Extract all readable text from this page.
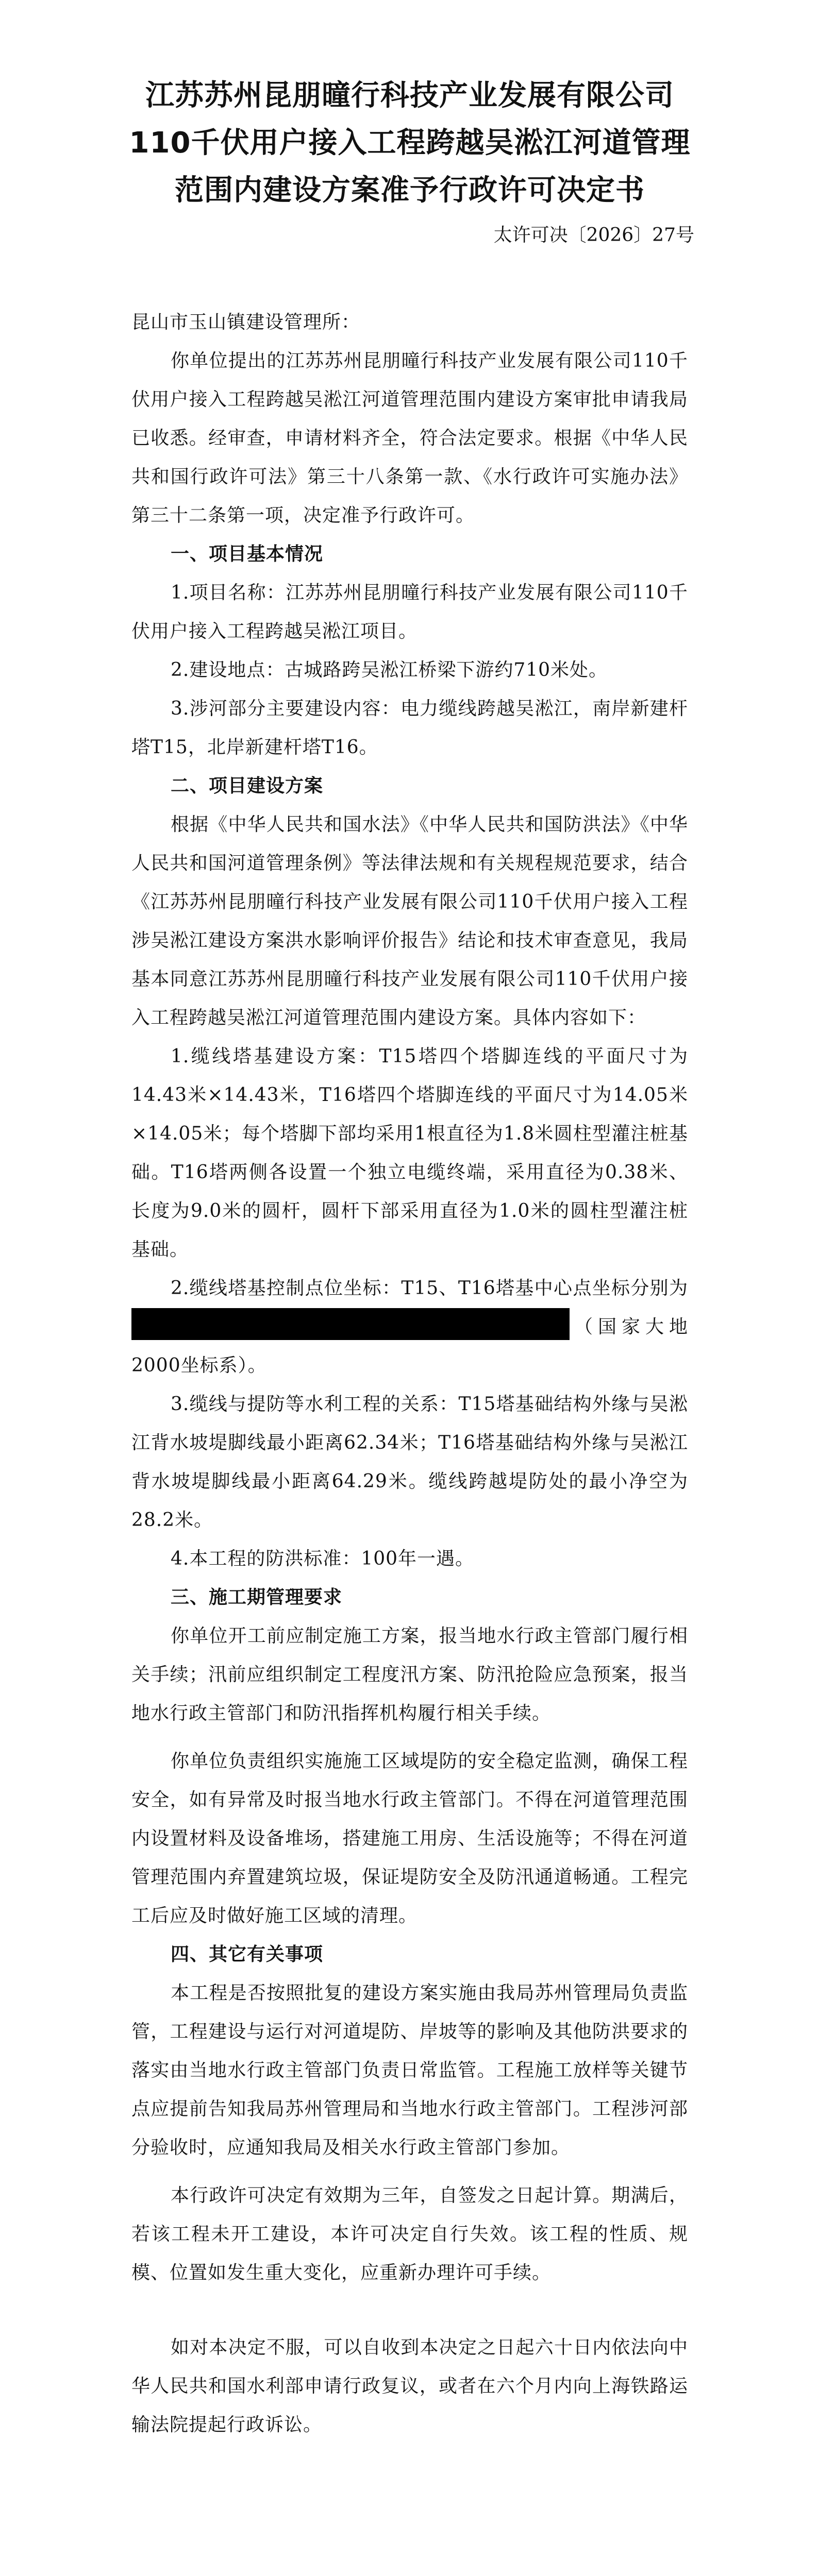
江苏苏州昆朋曈行科技产业发展有限公司
110千伏用户接入工程跨越吴淞江河道管理
范围内建设方案准予行政许可决定书
太许可决〔2026〕27号

昆山市玉山镇建设管理所：

你单位提出的江苏苏州昆朋曈行科技产业发展有限公司110千伏用户接入工程跨越吴淞江河道管理范围内建设方案审批申请我局已收悉。经审查，申请材料齐全，符合法定要求。根据《中华人民共和国行政许可法》第三十八条第一款、《水行政许可实施办法》第三十二条第一项，决定准予行政许可。

一、项目基本情况

1.项目名称：江苏苏州昆朋曈行科技产业发展有限公司110千伏用户接入工程跨越吴淞江项目。

2.建设地点：古城路跨吴淞江桥梁下游约710米处。

3.涉河部分主要建设内容：电力缆线跨越吴淞江，南岸新建杆塔T15，北岸新建杆塔T16。

二、项目建设方案

根据《中华人民共和国水法》《中华人民共和国防洪法》《中华人民共和国河道管理条例》等法律法规和有关规程规范要求，结合《江苏苏州昆朋曈行科技产业发展有限公司110千伏用户接入工程涉吴淞江建设方案洪水影响评价报告》结论和技术审查意见，我局基本同意江苏苏州昆朋曈行科技产业发展有限公司110千伏用户接入工程跨越吴淞江河道管理范围内建设方案。具体内容如下：

1.缆线塔基建设方案：T15塔四个塔脚连线的平面尺寸为14.43米×14.43米，T16塔四个塔脚连线的平面尺寸为14.05米×14.05米；每个塔脚下部均采用1根直径为1.8米圆柱型灌注桩基础。T16塔两侧各设置一个独立电缆终端，采用直径为0.38米、长度为9.0米的圆杆，圆杆下部采用直径为1.0米的圆柱型灌注桩基础。

2.缆线塔基控制点位坐标：T15、T16塔基中心点坐标分别为（国家大地2000坐标系）。

3.缆线与提防等水利工程的关系：T15塔基础结构外缘与吴淞江背水坡堤脚线最小距离62.34米；T16塔基础结构外缘与吴淞江背水坡堤脚线最小距离64.29米。缆线跨越堤防处的最小净空为28.2米。

4.本工程的防洪标准：100年一遇。

三、施工期管理要求

你单位开工前应制定施工方案，报当地水行政主管部门履行相关手续；汛前应组织制定工程度汛方案、防汛抢险应急预案，报当地水行政主管部门和防汛指挥机构履行相关手续。

你单位负责组织实施施工区域堤防的安全稳定监测，确保工程安全，如有异常及时报当地水行政主管部门。不得在河道管理范围内设置材料及设备堆场，搭建施工用房、生活设施等；不得在河道管理范围内弃置建筑垃圾，保证堤防安全及防汛通道畅通。工程完工后应及时做好施工区域的清理。

四、其它有关事项

本工程是否按照批复的建设方案实施由我局苏州管理局负责监管，工程建设与运行对河道堤防、岸坡等的影响及其他防洪要求的落实由当地水行政主管部门负责日常监管。工程施工放样等关键节点应提前告知我局苏州管理局和当地水行政主管部门。工程涉河部分验收时，应通知我局及相关水行政主管部门参加。

本行政许可决定有效期为三年，自签发之日起计算。期满后，若该工程未开工建设，本许可决定自行失效。该工程的性质、规模、位置如发生重大变化，应重新办理许可手续。

如对本决定不服，可以自收到本决定之日起六十日内依法向中华人民共和国水利部申请行政复议，或者在六个月内向上海铁路运输法院提起行政诉讼。
